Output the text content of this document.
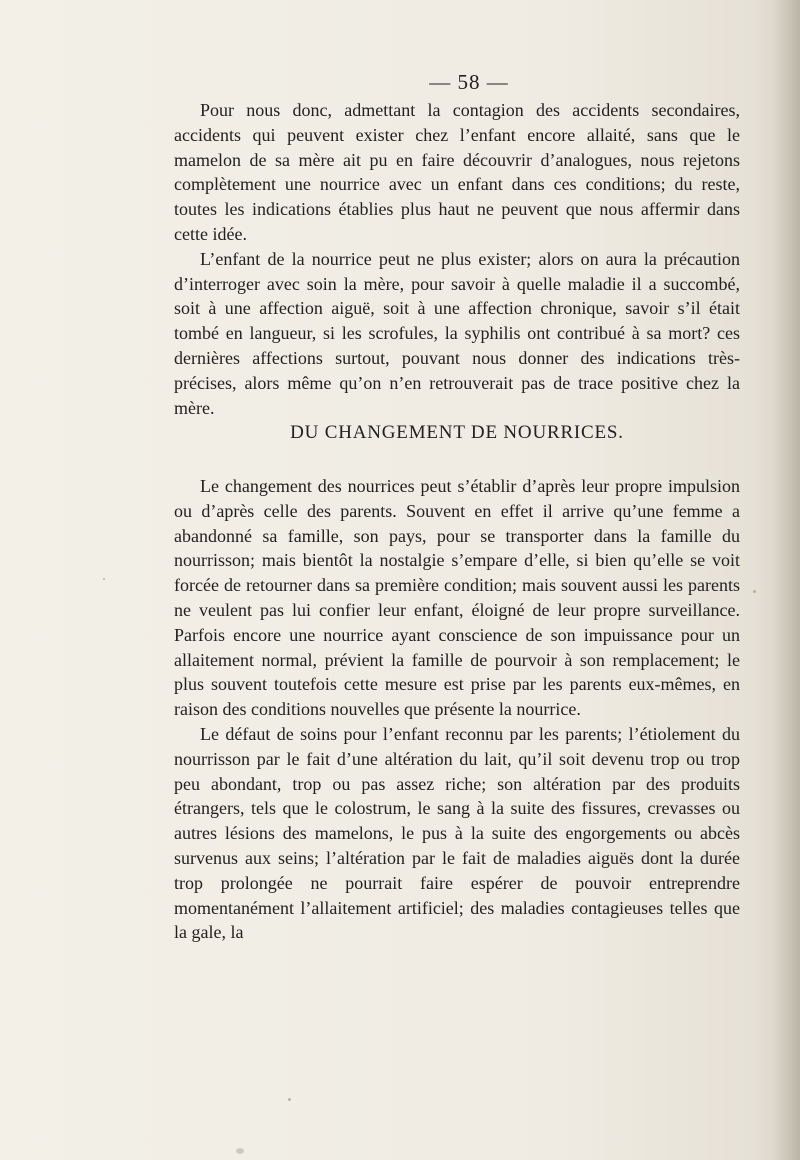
— 58 —

Pour nous donc, admettant la contagion des accidents secondaires, accidents qui peuvent exister chez l’enfant encore allaité, sans que le mamelon de sa mère ait pu en faire découvrir d’analogues, nous rejetons complètement une nourrice avec un enfant dans ces conditions; du reste, toutes les indications établies plus haut ne peuvent que nous affermir dans cette idée.

L’enfant de la nourrice peut ne plus exister; alors on aura la précaution d’interroger avec soin la mère, pour savoir à quelle maladie il a succombé, soit à une affection aiguë, soit à une affection chronique, savoir s’il était tombé en langueur, si les scrofules, la syphilis ont contribué à sa mort? ces dernières affections surtout, pouvant nous donner des indications très-précises, alors même qu’on n’en retrouverait pas de trace positive chez la mère.

DU CHANGEMENT DE NOURRICES.

Le changement des nourrices peut s’établir d’après leur propre impulsion ou d’après celle des parents. Souvent en effet il arrive qu’une femme a abandonné sa famille, son pays, pour se transporter dans la famille du nourrisson; mais bientôt la nostalgie s’empare d’elle, si bien qu’elle se voit forcée de retourner dans sa première condition; mais souvent aussi les parents ne veulent pas lui confier leur enfant, éloigné de leur propre surveillance. Parfois encore une nourrice ayant conscience de son impuissance pour un allaitement normal, prévient la famille de pourvoir à son remplacement; le plus souvent toutefois cette mesure est prise par les parents eux-mêmes, en raison des conditions nouvelles que présente la nourrice.

Le défaut de soins pour l’enfant reconnu par les parents; l’étiolement du nourrisson par le fait d’une altération du lait, qu’il soit devenu trop ou trop peu abondant, trop ou pas assez riche; son altération par des produits étrangers, tels que le colostrum, le sang à la suite des fissures, crevasses ou autres lésions des mamelons, le pus à la suite des engorgements ou abcès survenus aux seins; l’altération par le fait de maladies aiguës dont la durée trop prolongée ne pourrait faire espérer de pouvoir entreprendre momentanément l’allaitement artificiel; des maladies contagieuses telles que la gale, la
